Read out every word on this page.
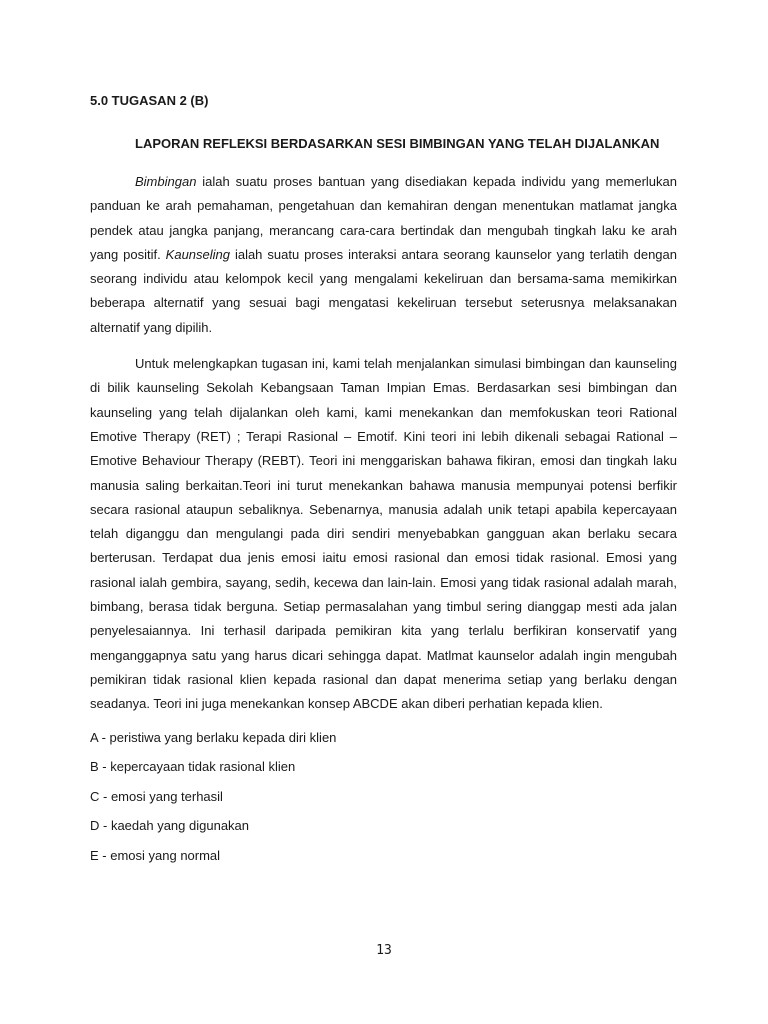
5.0 TUGASAN 2 (B)
LAPORAN REFLEKSI BERDASARKAN SESI BIMBINGAN YANG TELAH DIJALANKAN

Bimbingan ialah suatu proses bantuan yang disediakan kepada individu yang memerlukan panduan ke arah pemahaman, pengetahuan dan kemahiran dengan menentukan matlamat jangka pendek atau jangka panjang, merancang cara-cara bertindak dan mengubah tingkah laku ke arah yang positif. Kaunseling ialah suatu proses interaksi antara seorang kaunselor yang terlatih dengan seorang individu atau kelompok kecil yang mengalami kekeliruan dan bersama-sama memikirkan beberapa alternatif yang sesuai bagi mengatasi kekeliruan tersebut seterusnya melaksanakan alternatif yang dipilih.

Untuk melengkapkan tugasan ini, kami telah menjalankan simulasi bimbingan dan kaunseling di bilik kaunseling Sekolah Kebangsaan Taman Impian Emas. Berdasarkan sesi bimbingan dan kaunseling yang telah dijalankan oleh kami, kami menekankan dan memfokuskan teori Rational Emotive Therapy (RET) ; Terapi Rasional – Emotif. Kini teori ini lebih dikenali sebagai Rational – Emotive Behaviour Therapy (REBT). Teori ini menggariskan bahawa fikiran, emosi dan tingkah laku manusia saling berkaitan.Teori ini turut menekankan bahawa manusia mempunyai potensi berfikir secara rasional ataupun sebaliknya. Sebenarnya, manusia adalah unik tetapi apabila kepercayaan telah diganggu dan mengulangi pada diri sendiri menyebabkan gangguan akan berlaku secara berterusan. Terdapat dua jenis emosi iaitu emosi rasional dan emosi tidak rasional. Emosi yang rasional ialah gembira, sayang, sedih, kecewa dan lain-lain. Emosi yang tidak rasional adalah marah, bimbang, berasa tidak berguna. Setiap permasalahan yang timbul sering dianggap mesti ada jalan penyelesaiannya. Ini terhasil daripada pemikiran kita yang terlalu berfikiran konservatif yang menganggapnya satu yang harus dicari sehingga dapat. Matlmat kaunselor adalah ingin mengubah pemikiran tidak rasional klien kepada rasional dan dapat menerima setiap yang berlaku dengan seadanya. Teori ini juga menekankan konsep ABCDE akan diberi perhatian kepada klien.

A - peristiwa yang berlaku kepada diri klien
B - kepercayaan tidak rasional klien
C - emosi yang terhasil
D - kaedah yang digunakan
E - emosi yang normal
13
